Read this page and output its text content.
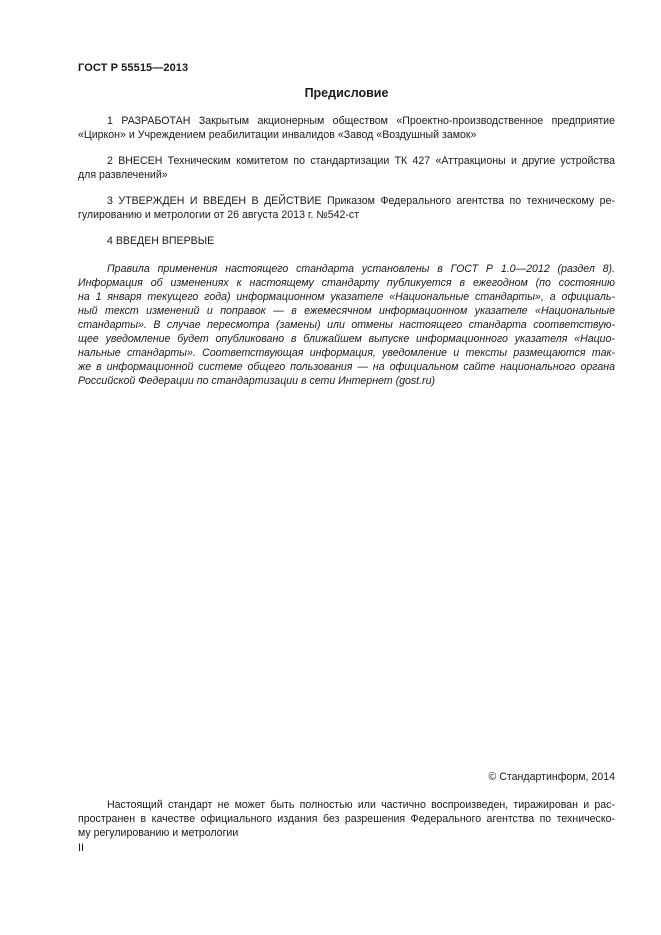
ГОСТ Р 55515—2013
Предисловие
1 РАЗРАБОТАН Закрытым акционерным обществом «Проектно-производственное предприятие
«Циркон» и Учреждением реабилитации инвалидов «Завод «Воздушный замок»
2 ВНЕСЕН Техническим комитетом по стандартизации ТК 427 «Аттракционы и другие устройства
для развлечений»
3 УТВЕРЖДЕН И ВВЕДЕН В ДЕЙСТВИЕ Приказом Федерального агентства по техническому ре-
гулированию и метрологии от 26 августа 2013 г. №542-ст
4 ВВЕДЕН ВПЕРВЫЕ
Правила применения настоящего стандарта установлены в ГОСТ Р 1.0—2012 (раздел 8).
Информация об изменениях к настоящему стандарту публикуется в ежегодном (по состоянию
на 1 января текущего года) информационном указателе «Национальные стандарты», а официаль-
ный текст изменений и поправок — в ежемесячном информационном указателе «Национальные
стандарты». В случае пересмотра (замены) или отмены настоящего стандарта соответствую-
щее уведомление будет опубликовано в ближайшем выпуске информационного указателя «Нацио-
нальные стандарты». Соответствующая информация, уведомление и тексты размещаются так-
же в информационной системе общего пользования — на официальном сайте национального органа
Российской Федерации по стандартизации в сети Интернет (gost.ru)
© Стандартинформ, 2014
Настоящий стандарт не может быть полностью или частично воспроизведен, тиражирован и рас-
пространен в качестве официального издания без разрешения Федерального агентства по техническо-
му регулированию и метрологии
II
